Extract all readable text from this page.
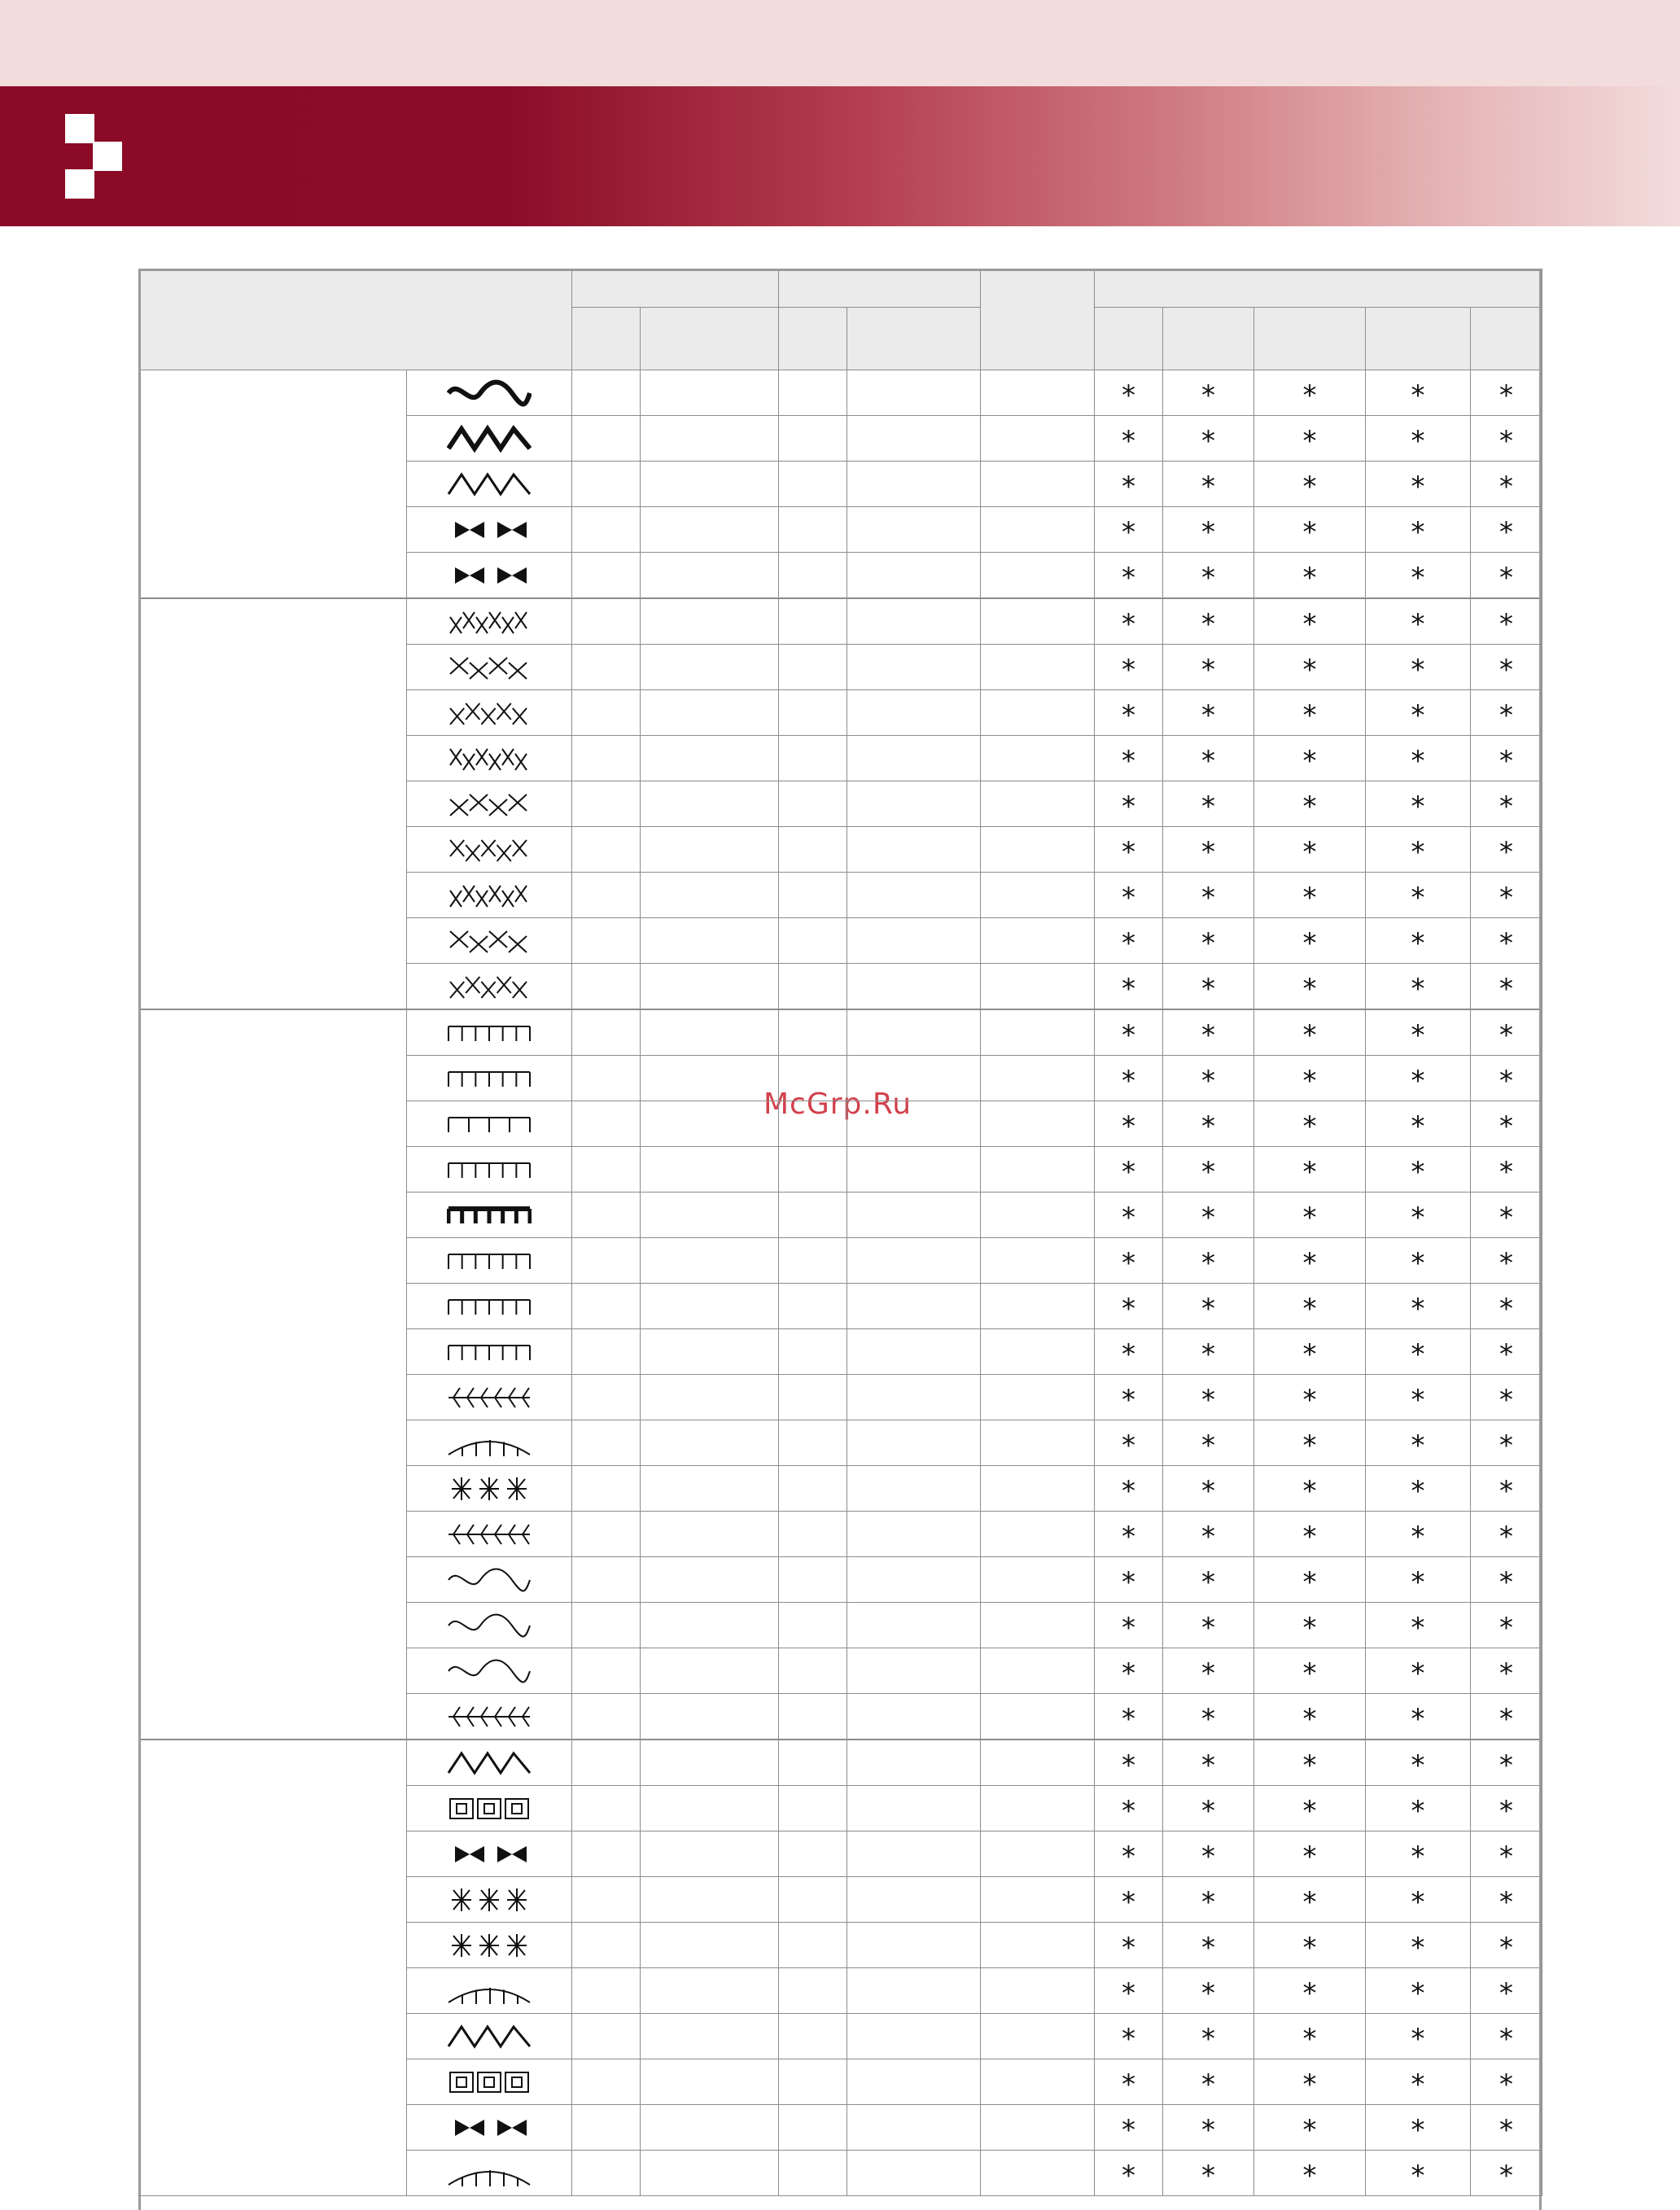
McGrp.Ru

						*	*	*	*	*

						*	*	*	*	*

						*	*	*	*	*

						*	*	*	*	*

						*	*	*	*	*

						*	*	*	*	*

						*	*	*	*	*

						*	*	*	*	*

						*	*	*	*	*

						*	*	*	*	*

						*	*	*	*	*

						*	*	*	*	*

						*	*	*	*	*

						*	*	*	*	*

						*	*	*	*	*

						*	*	*	*	*

						*	*	*	*	*

						*	*	*	*	*

						*	*	*	*	*

						*	*	*	*	*

						*	*	*	*	*

						*	*	*	*	*

						*	*	*	*	*

						*	*	*	*	*

						*	*	*	*	*

						*	*	*	*	*

						*	*	*	*	*

						*	*	*	*	*

						*	*	*	*	*

						*	*	*	*	*

						*	*	*	*	*

						*	*	*	*	*

						*	*	*	*	*

						*	*	*	*	*

						*	*	*	*	*

						*	*	*	*	*

						*	*	*	*	*

						*	*	*	*	*

						*	*	*	*	*

						*	*	*	*	*
